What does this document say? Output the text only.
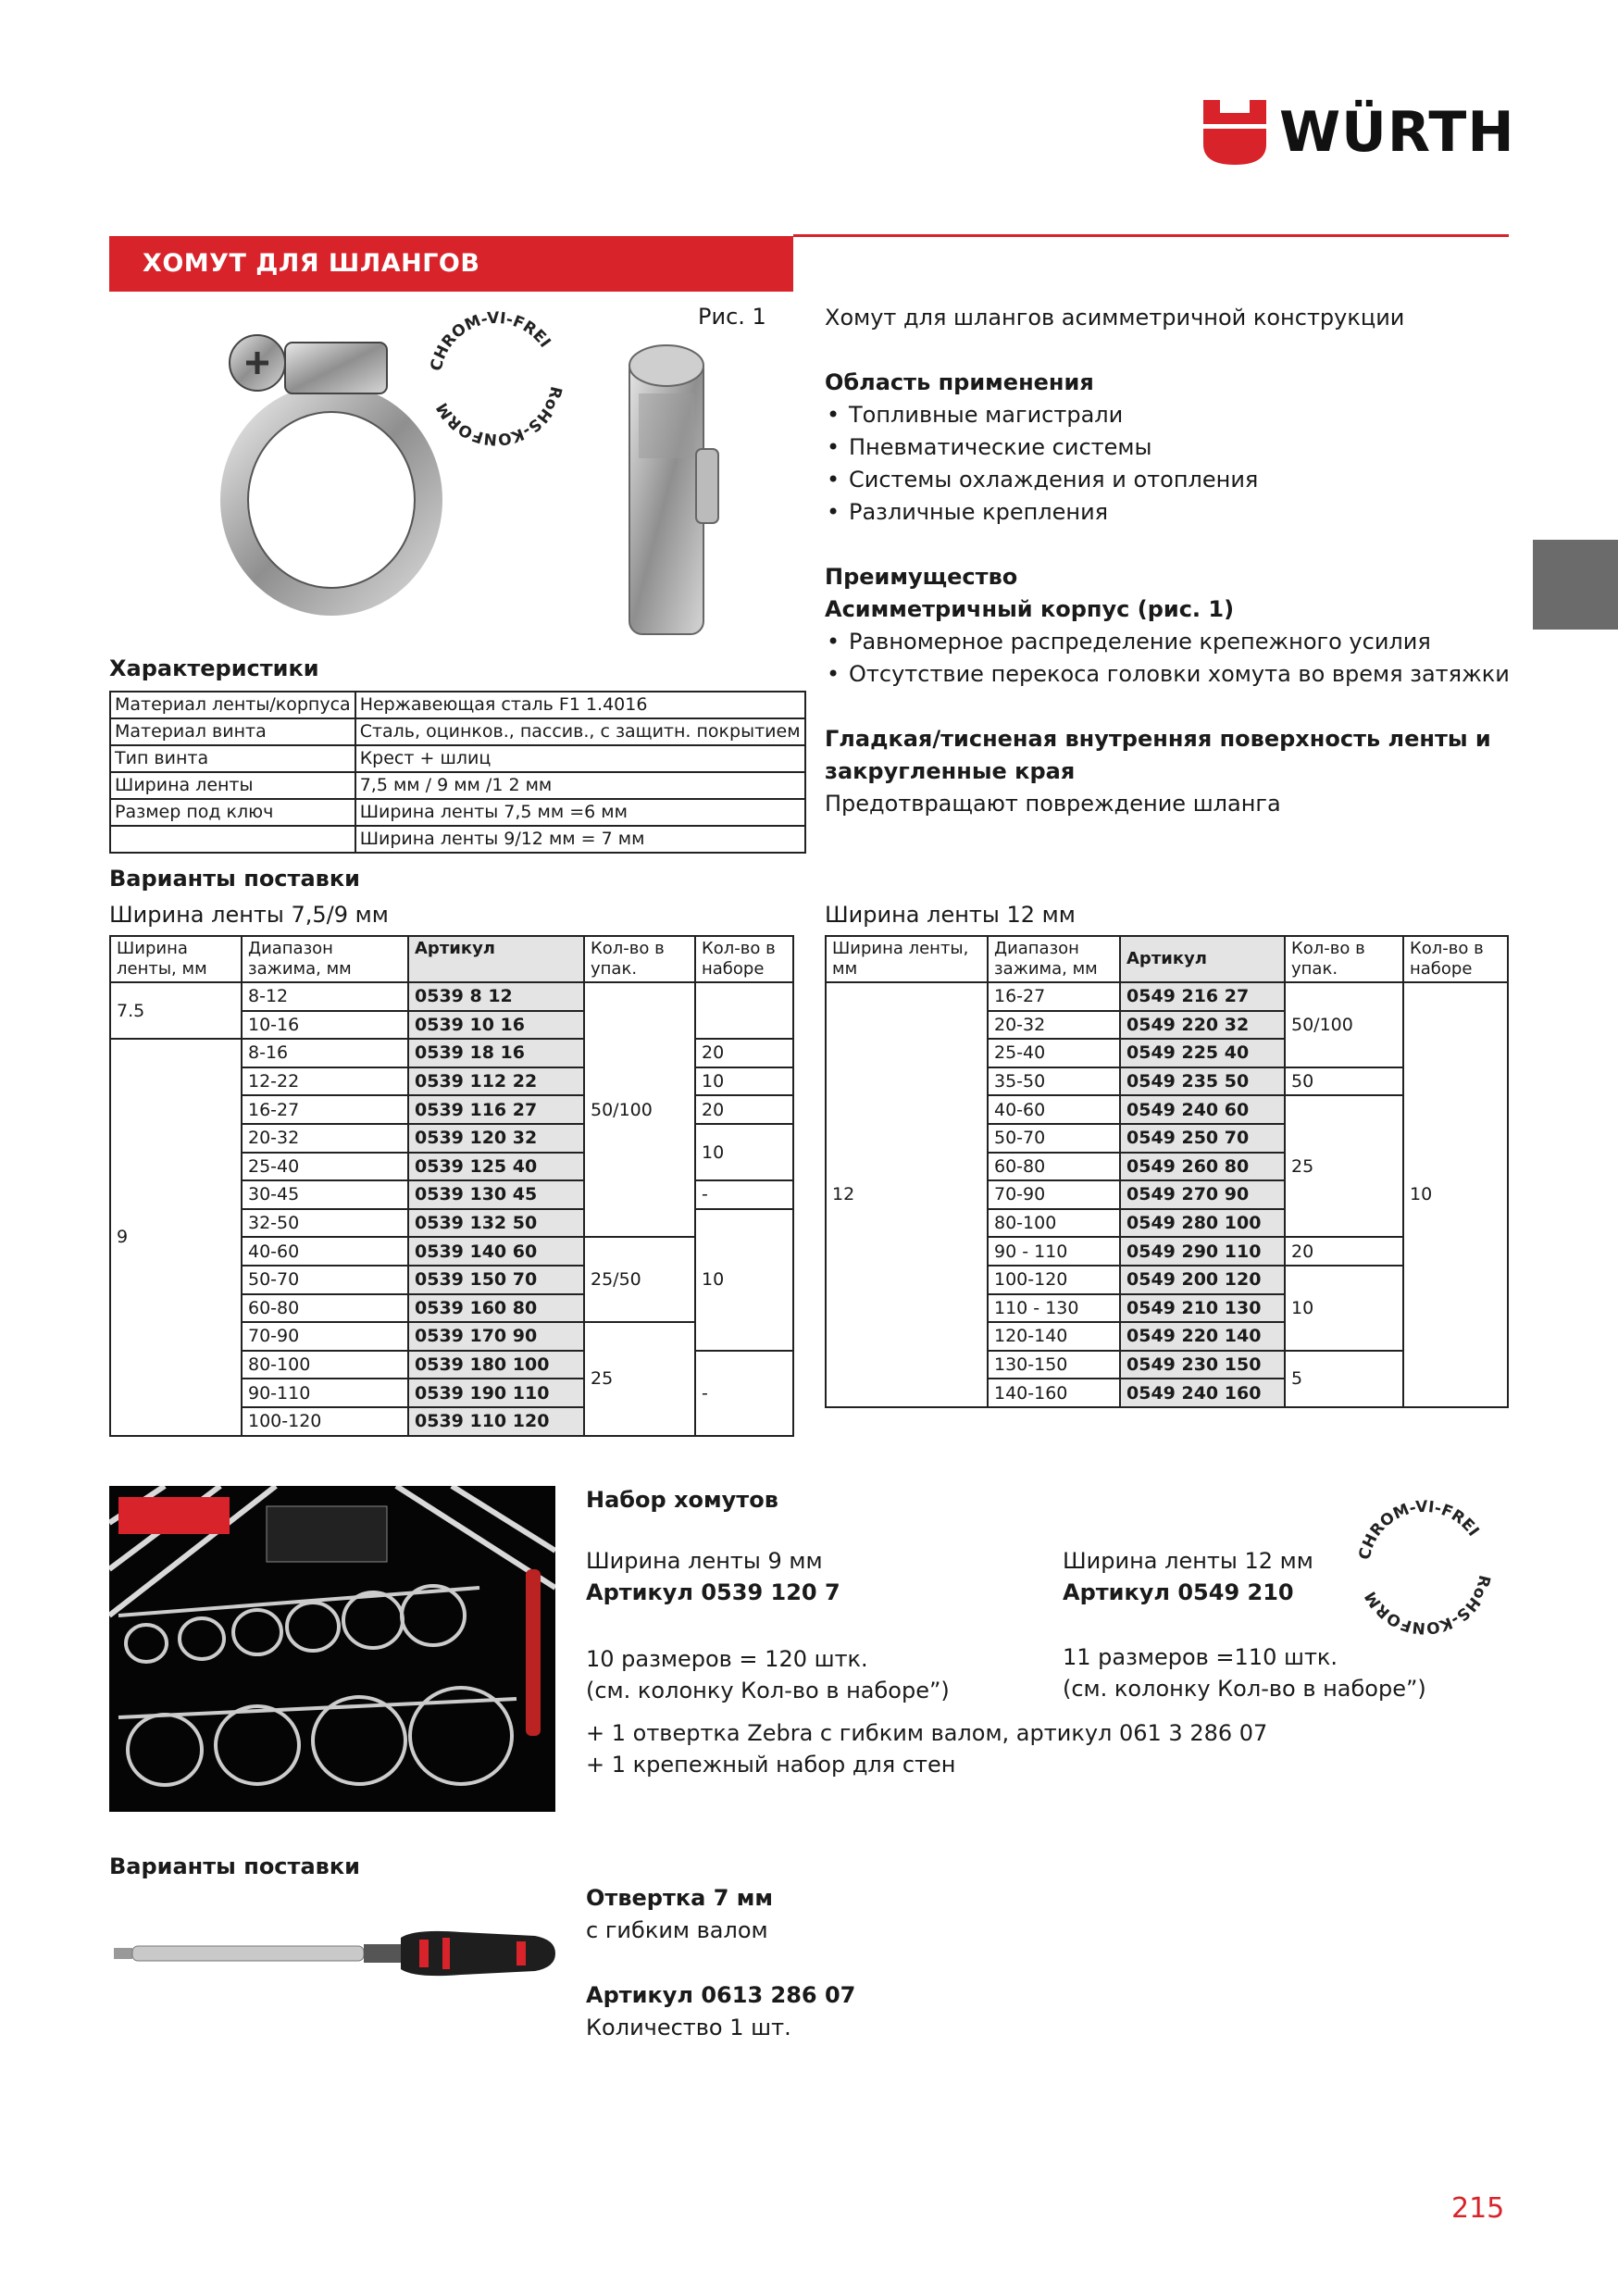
WÜRTH
ХОМУТ ДЛЯ ШЛАНГОВ
CHROM-VI-FREI
RoHS-KONFORM
Рис. 1	Хомут для шлангов асимметричной конструкции

Область применения

• Топливные магистрали
• Пневматические системы
• Системы охлаждения и отопления
• Различные крепления

Преимущество

Асимметричный корпус (рис. 1)

• Равномерное распределение крепежного усилия
• Отсутствие перекоса головки хомута во время затяжки

Гладкая/тисненая внутренняя поверхность ленты и закругленные края

Предотвращают повреждение шланга

Характеристики
Материал ленты/корпуса	Нержавеющая сталь F1 1.4016
Материал винта	Сталь, оцинков., пассив., с защитн. покрытием
Тип винта	Крест + шлиц
Ширина ленты	7,5 мм / 9 мм /1 2 мм
Размер под ключ	Ширина ленты 7,5 мм =6 мм
	Ширина ленты 9/12 мм = 7 мм
Варианты поставки
Ширина ленты 7,5/9 мм	Ширина ленты 12 мм
Ширина ленты, мм	Диапазон зажима, мм	Артикул	Кол-во в упак.	Кол-во в наборе
7.5	8-12	0539 8 12	50/100	
	10-16	0539 10 16		
9	8-16	0539 18 16		20
	12-22	0539 112 22		10
	16-27	0539 116 27		20
	20-32	0539 120 32		10
	25-40	0539 125 40		
	30-45	0539 130 45		-
	32-50	0539 132 50		10
	40-60	0539 140 60	25/50	
	50-70	0539 150 70		
	60-80	0539 160 80		
	70-90	0539 170 90	25	
	80-100	0539 180 100		-
	90-110	0539 190 110		
	100-120	0539 110 120		
Ширина ленты, мм	Диапазон зажима, мм	Артикул	Кол-во в упак.	Кол-во в наборе
12	16-27	0549 216 27	50/100	10
	20-32	0549 220 32		
	25-40	0549 225 40		
	35-50	0549 235 50	50	
	40-60	0549 240 60	25	
	50-70	0549 250 70		
	60-80	0549 260 80		
	70-90	0549 270 90		
	80-100	0549 280 100		
	90 - 110	0549 290 110	20	
	100-120	0549 200 120	10	
	110 - 130	0549 210 130		
	120-140	0549 220 140		
	130-150	0549 230 150	5	
	140-160	0549 240 160		
Набор хомутов
Ширина ленты 9 мм
Артикул 0539 120 7
10 размеров = 120 штк.
(см. колонку Кол-во в наборе”)
Ширина ленты 12 мм
Артикул 0549 210
11 размеров =110 штк.
(см. колонку Кол-во в наборе”)
+ 1 отвертка Zebra с гибким валом, артикул 061 3 286 07
+ 1 крепежный набор для стен
CHROM-VI-FREI
RoHS-KONFORM
Варианты поставки
Отвертка 7 мм
с гибким валом
Артикул 0613 286 07
Количество 1 шт.
215
